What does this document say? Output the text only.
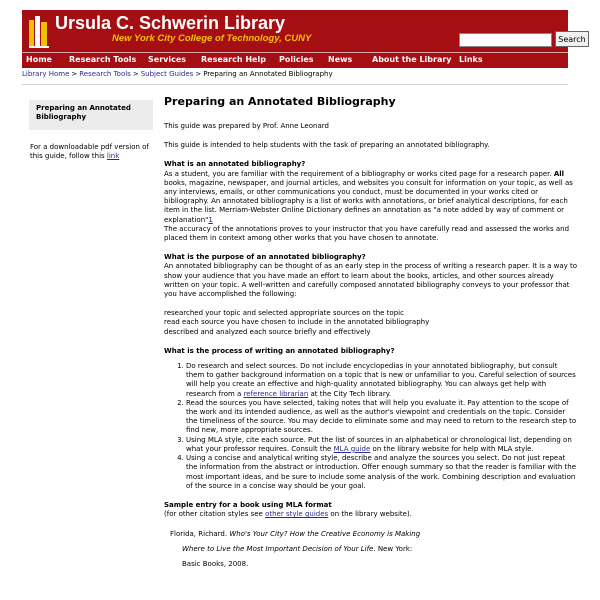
Ursula C. Schwerin Library
New York City College of Technology, CUNY	Search
Home Research Tools Services Research Help Policies News About the Library Links
Library Home > Research Tools > Subject Guides > Preparing an Annotated Bibliography
Preparing an Annotated Bibliography
For a downloadable pdf version of this guide, follow this link
Preparing an Annotated Bibliography

This guide was prepared by Prof. Anne Leonard

This guide is intended to help students with the task of preparing an annotated bibliography.

What is an annotated bibliography?

As a student, you are familiar with the requirement of a bibliography or works cited page for a research paper. All books, magazine, newspaper, and journal articles, and websites you consult for information on your topic, as well as any interviews, emails, or other communications you conduct, must be documented in your works cited or bibliography. An annotated bibliography is a list of works with annotations, or brief analytical descriptions, for each item in the list. Merriam-Webster Online Dictionary defines an annotation as "a note added by way of comment or explanation"1

The accuracy of the annotations proves to your instructor that you have carefully read and assessed the works and placed them in context among other works that you have chosen to annotate.

What is the purpose of an annotated bibliography?

An annotated bibliography can be thought of as an early step in the process of writing a research paper. It is a way to show your audience that you have made an effort to learn about the books, articles, and other sources already written on your topic. A well-written and carefully composed annotated bibliography conveys to your professor that you have accomplished the following:

researched your topic and selected appropriate sources on the topic
read each source you have chosen to include in the annotated bibliography
described and analyzed each source briefly and effectively

What is the process of writing an annotated bibliography?

1. Do research and select sources. Do not include encyclopedias in your annotated bibliography, but consult them to gather background information on a topic that is new or unfamiliar to you. Careful selection of sources will help you create an effective and high-quality annotated bibliography. You can always get help with research from a reference librarian at the City Tech library.
2. Read the sources you have selected, taking notes that will help you evaluate it. Pay attention to the scope of the work and its intended audience, as well as the author's viewpoint and credentials on the topic. Consider the timeliness of the source. You may decide to eliminate some and may need to return to the research step to find new, more appropriate sources.
3. Using MLA style, cite each source. Put the list of sources in an alphabetical or chronological list, depending on what your professor requires. Consult the MLA guide on the library website for help with MLA style.
4. Using a concise and analytical writing style, describe and analyze the sources you select. Do not just repeat the information from the abstract or introduction. Offer enough summary so that the reader is familiar with the most important ideas, and be sure to include some analysis of the work. Combining description and evaluation of the source in a concise way should be your goal.

Sample entry for a book using MLA format

(for other citation styles see other style guides on the library website).

Florida, Richard. Who's Your City? How the Creative Economy is Making
Where to Live the Most Important Decision of Your Life. New York:
Basic Books, 2008.
